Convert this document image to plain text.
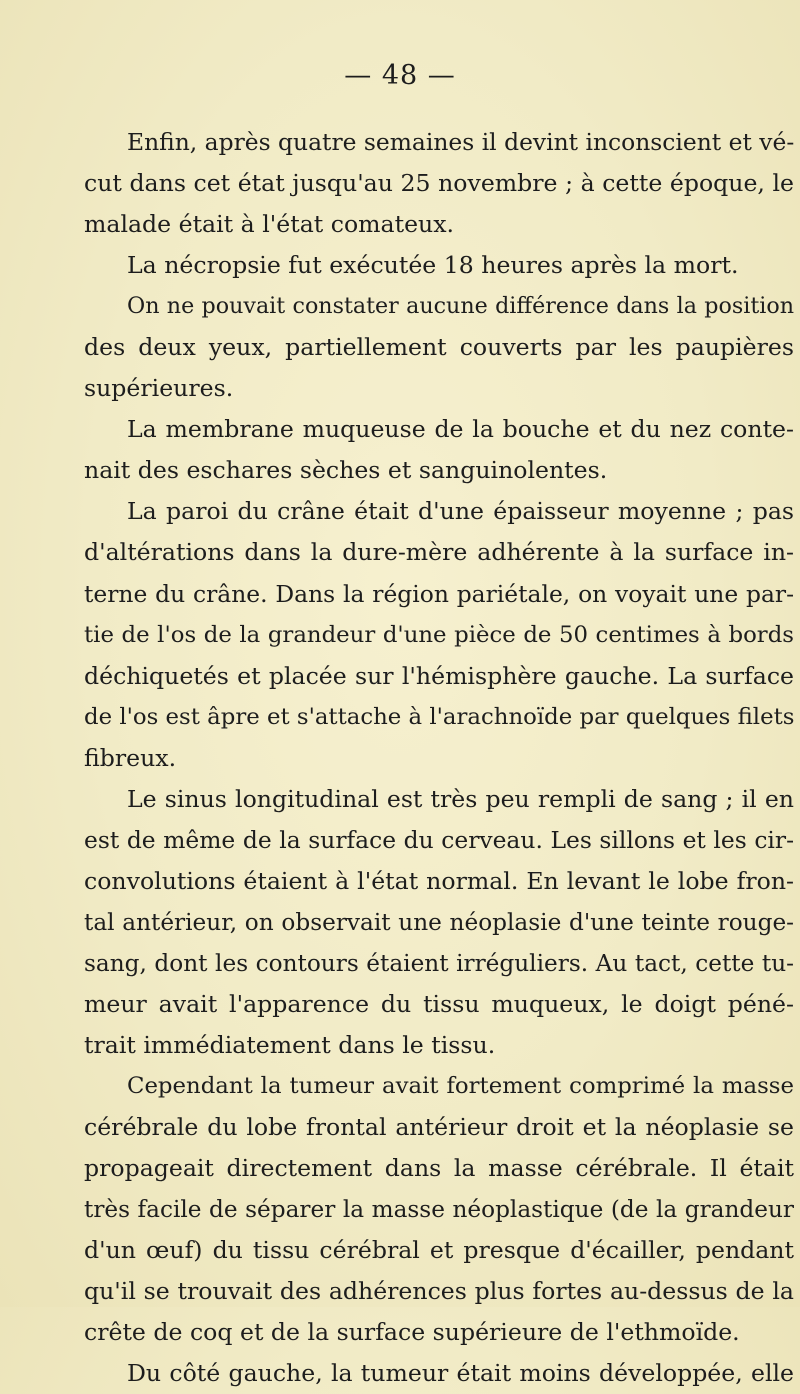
— 48 —
Enfin, après quatre semaines il devint inconscient et vé-
cut dans cet état jusqu'au 25 novembre ; à cette époque, le
malade était à l'état comateux.
La nécropsie fut exécutée 18 heures après la mort.
On ne pouvait constater aucune différence dans la position
des deux yeux, partiellement couverts par les paupières
supérieures.
La membrane muqueuse de la bouche et du nez conte-
nait des eschares sèches et sanguinolentes.
La paroi du crâne était d'une épaisseur moyenne ; pas
d'altérations dans la dure-mère adhérente à la surface in-
terne du crâne. Dans la région pariétale, on voyait une par-
tie de l'os de la grandeur d'une pièce de 50 centimes à bords
déchiquetés et placée sur l'hémisphère gauche. La surface
de l'os est âpre et s'attache à l'arachnoïde par quelques filets
fibreux.
Le sinus longitudinal est très peu rempli de sang ; il en
est de même de la surface du cerveau. Les sillons et les cir-
convolutions étaient à l'état normal. En levant le lobe fron-
tal antérieur, on observait une néoplasie d'une teinte rouge-
sang, dont les contours étaient irréguliers. Au tact, cette tu-
meur avait l'apparence du tissu muqueux, le doigt péné-
trait immédiatement dans le tissu.
Cependant la tumeur avait fortement comprimé la masse
cérébrale du lobe frontal antérieur droit et la néoplasie se
propageait directement dans la masse cérébrale. Il était
très facile de séparer la masse néoplastique (de la grandeur
d'un œuf) du tissu cérébral et presque d'écailler, pendant
qu'il se trouvait des adhérences plus fortes au-dessus de la
crête de coq et de la surface supérieure de l'ethmoïde.
Du côté gauche, la tumeur était moins développée, elle
